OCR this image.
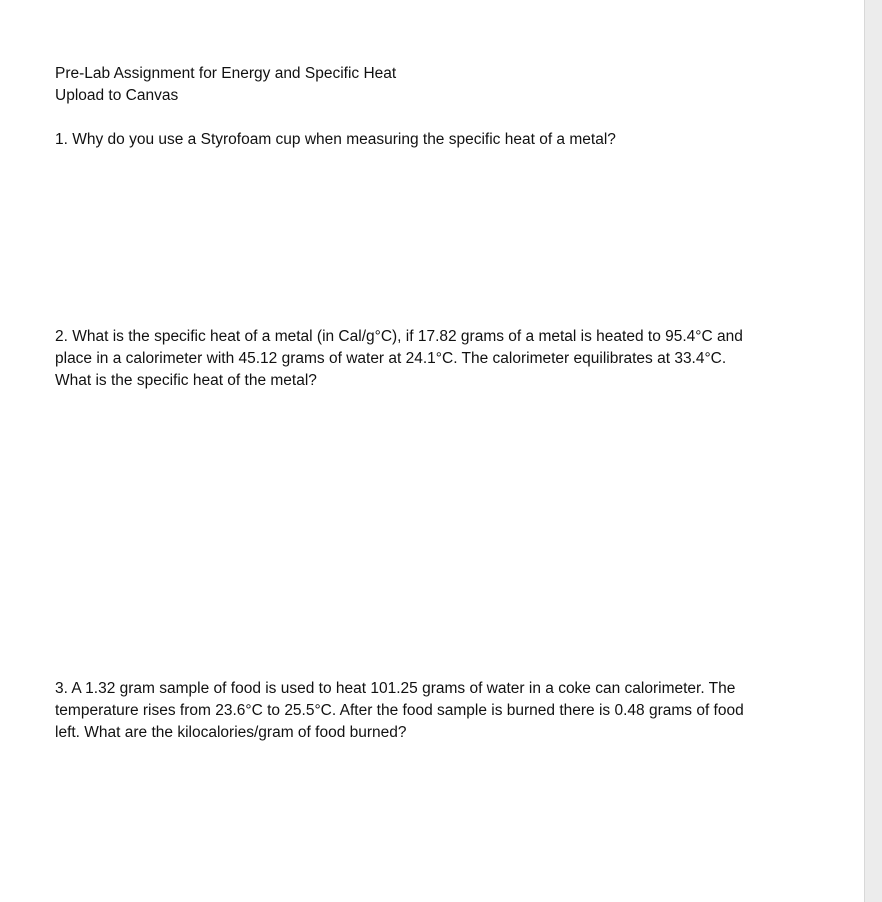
Pre-Lab Assignment for Energy and Specific Heat
Upload to Canvas

1. Why do you use a Styrofoam cup when measuring the specific heat of a metal?

2. What is the specific heat of a metal (in Cal/g°C), if 17.82 grams of a metal is heated to 95.4°C and place in a calorimeter with 45.12 grams of water at 24.1°C. The calorimeter equilibrates at 33.4°C. What is the specific heat of the metal?

3. A 1.32 gram sample of food is used to heat 101.25 grams of water in a coke can calorimeter. The temperature rises from 23.6°C to 25.5°C. After the food sample is burned there is 0.48 grams of food left. What are the kilocalories/gram of food burned?
